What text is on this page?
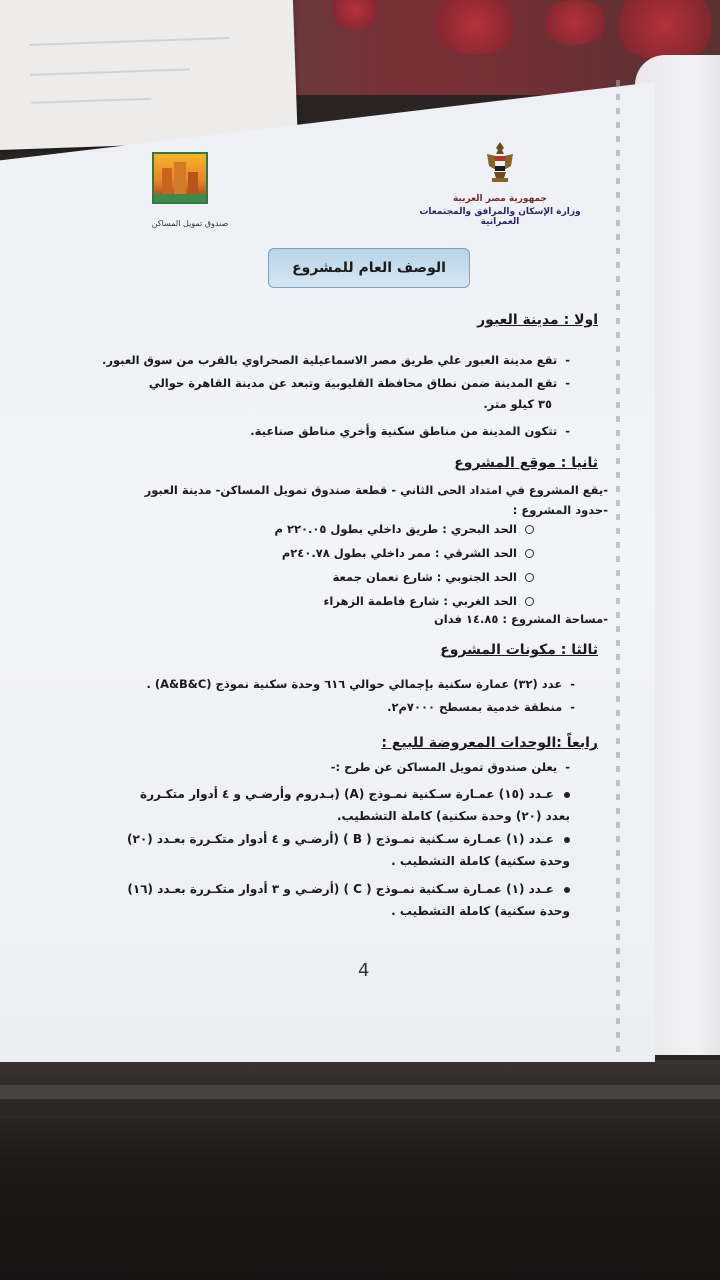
جمهورية مصر العربية
وزارة الإسكان والمرافق والمجتمعات العمرانية
صندوق تمويل المساكن
الوصف العام للمشروع
اولا : مدينة العبور
-تقع مدينة العبور علي طريق مصر الاسماعيلية الصحراوي بالقرب من سوق العبور.
-تقع المدينة ضمن نطاق محافظة القليوبية وتبعد عن مدينة القاهرة حوالي
٣٥ كيلو متر.
-تتكون المدينة من مناطق سكنية وأخري مناطق صناعية.
ثانيا : موقع المشروع
-يقع المشروع في امتداد الحى الثاني - قطعة صندوق تمويل المساكن- مدينة العبور
-حدود المشروع :
الحد البحري : طريق داخلي بطول ٢٢٠.٠٥ م
الحد الشرقي : ممر داخلي بطول ٢٤٠.٧٨م
الحد الجنوبي : شارع نعمان جمعة
الحد الغربي : شارع فاطمة الزهراء
-مساحة المشروع : ١٤.٨٥ فدان
ثالثا : مكونات المشروع
-عدد (٣٢) عمارة سكنية بإجمالي حوالي ٦١٦ وحدة سكنية نموذج (A&B&C) .
-منطقة خدمية بمسطح ٧٠٠٠م٢.
رابعاً :الوحدات المعروضة للبيع :
-يعلن صندوق تمويل المساكن عن طرح :-
عـدد (١٥) عمـارة سـكنية نمـوذج (A) (بـدروم وأرضـي و ٤ أدوار متكـررة
بعدد (٢٠) وحدة سكنية) كاملة التشطيب.
عـدد (١) عمـارة سـكنية نمـوذج ( B ) (أرضـي و ٤ أدوار متكـررة بعـدد (٢٠)
وحدة سكنية) كاملة التشطيب .
عـدد (١) عمـارة سـكنية نمـوذج ( C ) (أرضـي و ٣ أدوار متكـررة بعـدد (١٦)
وحدة سكنية) كاملة التشطيب .
4
